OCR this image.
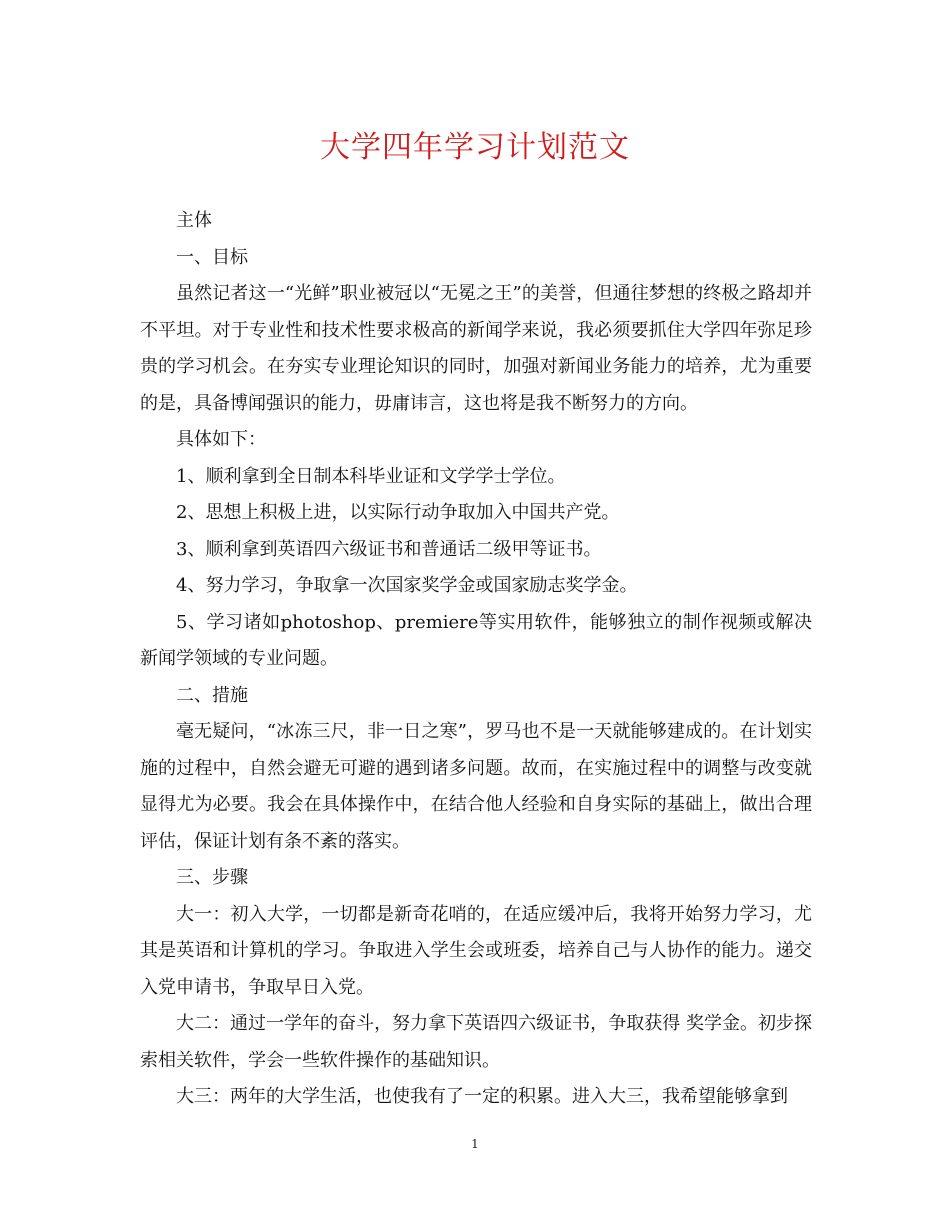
大学四年学习计划范文

主体

一、目标

虽然记者这一“光鲜”职业被冠以“无冕之王”的美誉，但通往梦想的终极之路却并不平坦。对于专业性和技术性要求极高的新闻学来说，我必须要抓住大学四年弥足珍贵的学习机会。在夯实专业理论知识的同时，加强对新闻业务能力的培养，尤为重要的是，具备博闻强识的能力，毋庸讳言，这也将是我不断努力的方向。

具体如下：

1、顺利拿到全日制本科毕业证和文学学士学位。

2、思想上积极上进，以实际行动争取加入中国共产党。

3、顺利拿到英语四六级证书和普通话二级甲等证书。

4、努力学习，争取拿一次国家奖学金或国家励志奖学金。

5、学习诸如photoshop、premiere等实用软件，能够独立的制作视频或解决新闻学领域的专业问题。

二、措施

毫无疑问，“冰冻三尺，非一日之寒”，罗马也不是一天就能够建成的。在计划实施的过程中，自然会避无可避的遇到诸多问题。故而，在实施过程中的调整与改变就显得尤为必要。我会在具体操作中，在结合他人经验和自身实际的基础上，做出合理评估，保证计划有条不紊的落实。

三、步骤

大一：初入大学，一切都是新奇花哨的，在适应缓冲后，我将开始努力学习，尤其是英语和计算机的学习。争取进入学生会或班委，培养自己与人协作的能力。递交入党申请书，争取早日入党。

大二：通过一学年的奋斗，努力拿下英语四六级证书，争取获得 奖学金。初步探索相关软件，学会一些软件操作的基础知识。

大三：两年的大学生活，也使我有了一定的积累。进入大三，我希望能够拿到

1
